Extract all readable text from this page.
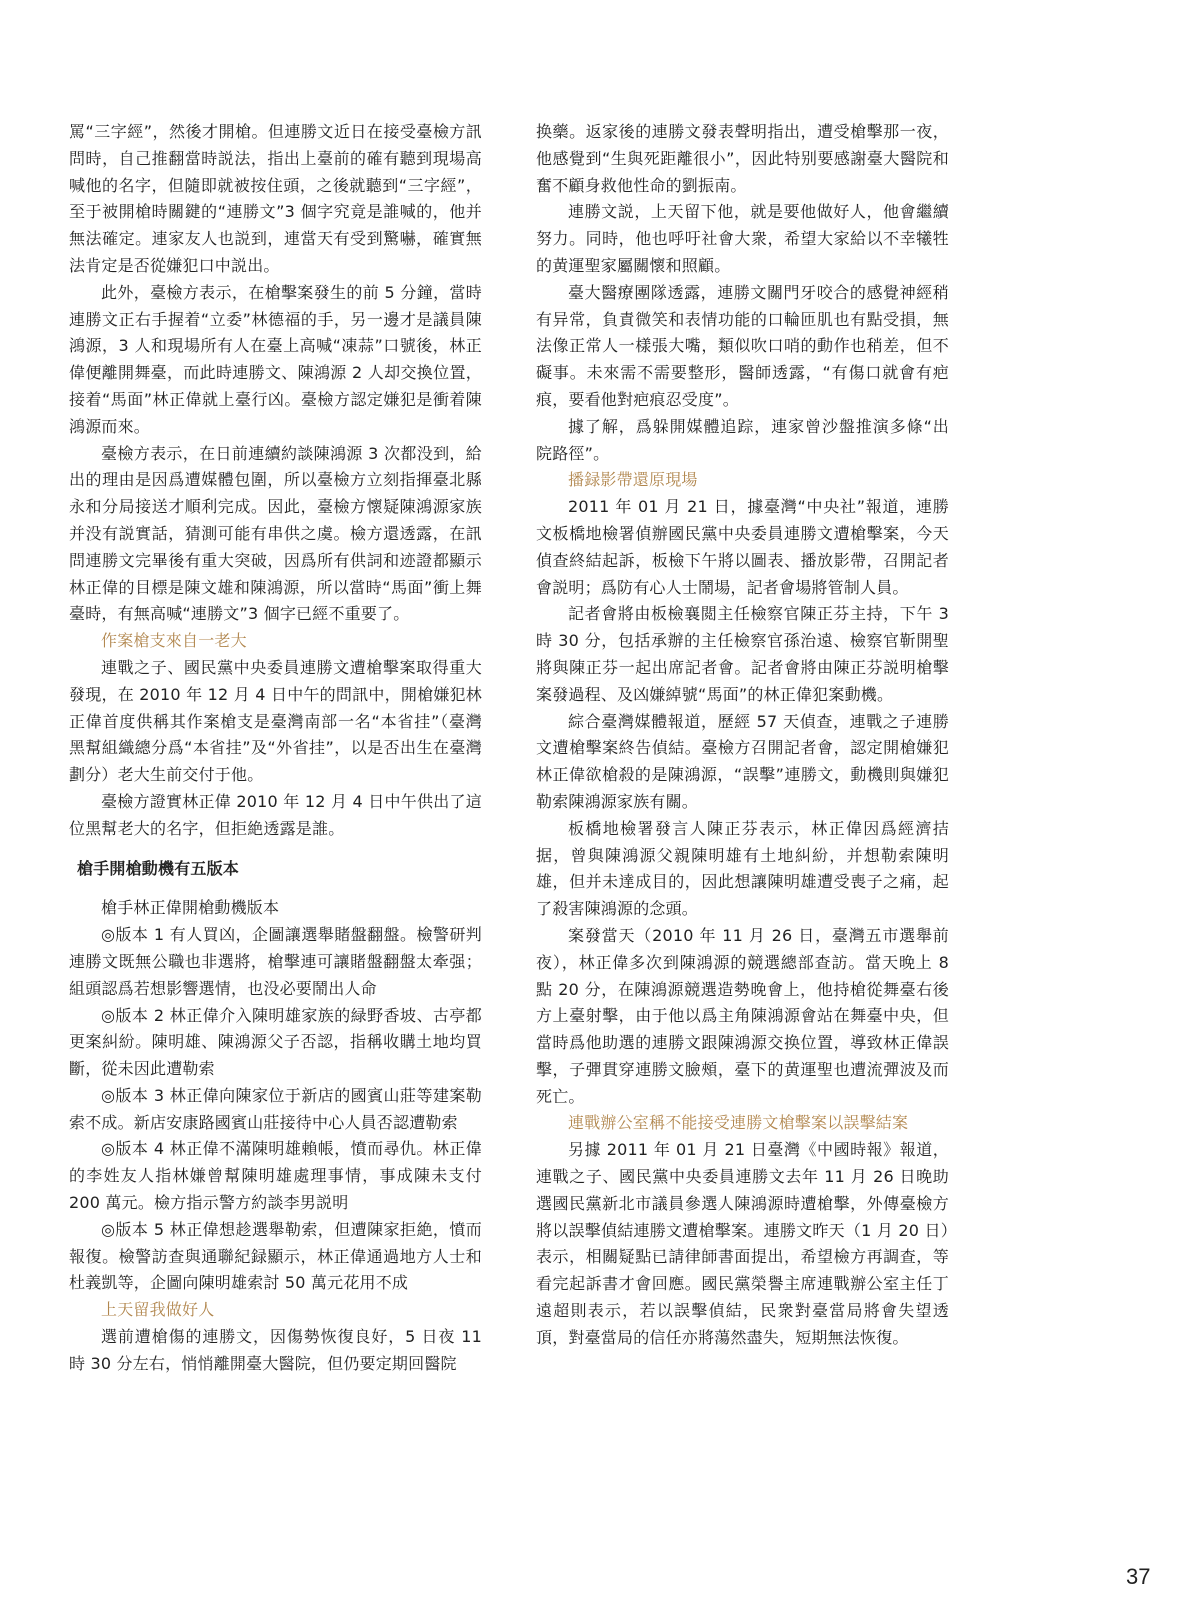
罵“三字經”，然後才開槍。但連勝文近日在接受臺檢方訊問時，自己推翻當時説法，指出上臺前的確有聽到現場高喊他的名字，但隨即就被按住頭，之後就聽到“三字經”，至于被開槍時關鍵的“連勝文”3 個字究竟是誰喊的，他并無法確定。連家友人也説到，連當天有受到驚嚇，確實無法肯定是否從嫌犯口中説出。

此外，臺檢方表示，在槍擊案發生的前 5 分鐘，當時連勝文正右手握着“立委”林德福的手，另一邊才是議員陳鴻源，3 人和現場所有人在臺上高喊“凍蒜”口號後，林正偉便離開舞臺，而此時連勝文、陳鴻源 2 人却交換位置，接着“馬面”林正偉就上臺行凶。臺檢方認定嫌犯是衝着陳鴻源而來。

臺檢方表示，在日前連續約談陳鴻源 3 次都没到，給出的理由是因爲遭媒體包圍，所以臺檢方立刻指揮臺北縣永和分局接送才順利完成。因此，臺檢方懷疑陳鴻源家族并没有説實話，猜測可能有串供之虞。檢方還透露，在訊問連勝文完畢後有重大突破，因爲所有供詞和迹證都顯示林正偉的目標是陳文雄和陳鴻源，所以當時“馬面”衝上舞臺時，有無高喊“連勝文”3 個字已經不重要了。

作案槍支來自一老大

連戰之子、國民黨中央委員連勝文遭槍擊案取得重大發現，在 2010 年 12 月 4 日中午的問訊中，開槍嫌犯林正偉首度供稱其作案槍支是臺灣南部一名“本省挂”（臺灣黑幫組織總分爲“本省挂”及“外省挂”，以是否出生在臺灣劃分）老大生前交付于他。

臺檢方證實林正偉 2010 年 12 月 4 日中午供出了這位黑幫老大的名字，但拒絶透露是誰。

槍手開槍動機有五版本

槍手林正偉開槍動機版本

◎版本 1 有人買凶，企圖讓選舉賭盤翻盤。檢警研判連勝文既無公職也非選將，槍擊連可讓賭盤翻盤太牽强；組頭認爲若想影響選情，也没必要鬧出人命

◎版本 2 林正偉介入陳明雄家族的緑野香坡、古亭都更案糾紛。陳明雄、陳鴻源父子否認，指稱收購土地均買斷，從未因此遭勒索

◎版本 3 林正偉向陳家位于新店的國賓山莊等建案勒索不成。新店安康路國賓山莊接待中心人員否認遭勒索

◎版本 4 林正偉不滿陳明雄賴帳，憤而尋仇。林正偉的李姓友人指林嫌曾幫陳明雄處理事情，事成陳未支付 200 萬元。檢方指示警方約談李男説明

◎版本 5 林正偉想趁選舉勒索，但遭陳家拒絶，憤而報復。檢警訪查與通聯紀録顯示，林正偉通過地方人士和杜義凱等，企圖向陳明雄索討 50 萬元花用不成

上天留我做好人

選前遭槍傷的連勝文，因傷勢恢復良好，5 日夜 11 時 30 分左右，悄悄離開臺大醫院，但仍要定期回醫院

换藥。返家後的連勝文發表聲明指出，遭受槍擊那一夜，他感覺到“生與死距離很小”，因此特别要感謝臺大醫院和奮不顧身救他性命的劉振南。

連勝文説，上天留下他，就是要他做好人，他會繼續努力。同時，他也呼吁社會大衆，希望大家給以不幸犧牲的黄運聖家屬關懷和照顧。

臺大醫療團隊透露，連勝文關門牙咬合的感覺神經稍有异常，負責微笑和表情功能的口輪匝肌也有點受損，無法像正常人一樣張大嘴，類似吹口哨的動作也稍差，但不礙事。未來需不需要整形，醫師透露，“有傷口就會有疤痕，要看他對疤痕忍受度”。

據了解，爲躲開媒體追踪，連家曾沙盤推演多條“出院路徑”。

播録影帶還原現場

2011 年 01 月 21 日，據臺灣“中央社”報道，連勝文板橋地檢署偵辦國民黨中央委員連勝文遭槍擊案，今天偵查終結起訴，板檢下午將以圖表、播放影帶，召開記者會説明；爲防有心人士鬧場，記者會場將管制人員。

記者會將由板檢襄閲主任檢察官陳正芬主持，下午 3 時 30 分，包括承辦的主任檢察官孫治遠、檢察官靳開聖將與陳正芬一起出席記者會。記者會將由陳正芬説明槍擊案發過程、及凶嫌綽號“馬面”的林正偉犯案動機。

綜合臺灣媒體報道，歷經 57 天偵查，連戰之子連勝文遭槍擊案終告偵結。臺檢方召開記者會，認定開槍嫌犯林正偉欲槍殺的是陳鴻源，“誤擊”連勝文，動機則與嫌犯勒索陳鴻源家族有關。

板橋地檢署發言人陳正芬表示，林正偉因爲經濟拮据，曾與陳鴻源父親陳明雄有土地糾紛，并想勒索陳明雄，但并未達成目的，因此想讓陳明雄遭受喪子之痛，起了殺害陳鴻源的念頭。

案發當天（2010 年 11 月 26 日，臺灣五市選舉前夜），林正偉多次到陳鴻源的競選總部查訪。當天晚上 8 點 20 分，在陳鴻源競選造勢晚會上，他持槍從舞臺右後方上臺射擊，由于他以爲主角陳鴻源會站在舞臺中央，但當時爲他助選的連勝文跟陳鴻源交换位置，導致林正偉誤擊，子彈貫穿連勝文臉頰，臺下的黄運聖也遭流彈波及而死亡。

連戰辦公室稱不能接受連勝文槍擊案以誤擊結案

另據 2011 年 01 月 21 日臺灣《中國時報》報道，連戰之子、國民黨中央委員連勝文去年 11 月 26 日晚助選國民黨新北市議員參選人陳鴻源時遭槍擊，外傳臺檢方將以誤擊偵結連勝文遭槍擊案。連勝文昨天（1 月 20 日）表示，相關疑點已請律師書面提出，希望檢方再調查，等看完起訴書才會回應。國民黨榮譽主席連戰辦公室主任丁遠超則表示，若以誤擊偵結，民衆對臺當局將會失望透頂，對臺當局的信任亦將蕩然盡失，短期無法恢復。

37
